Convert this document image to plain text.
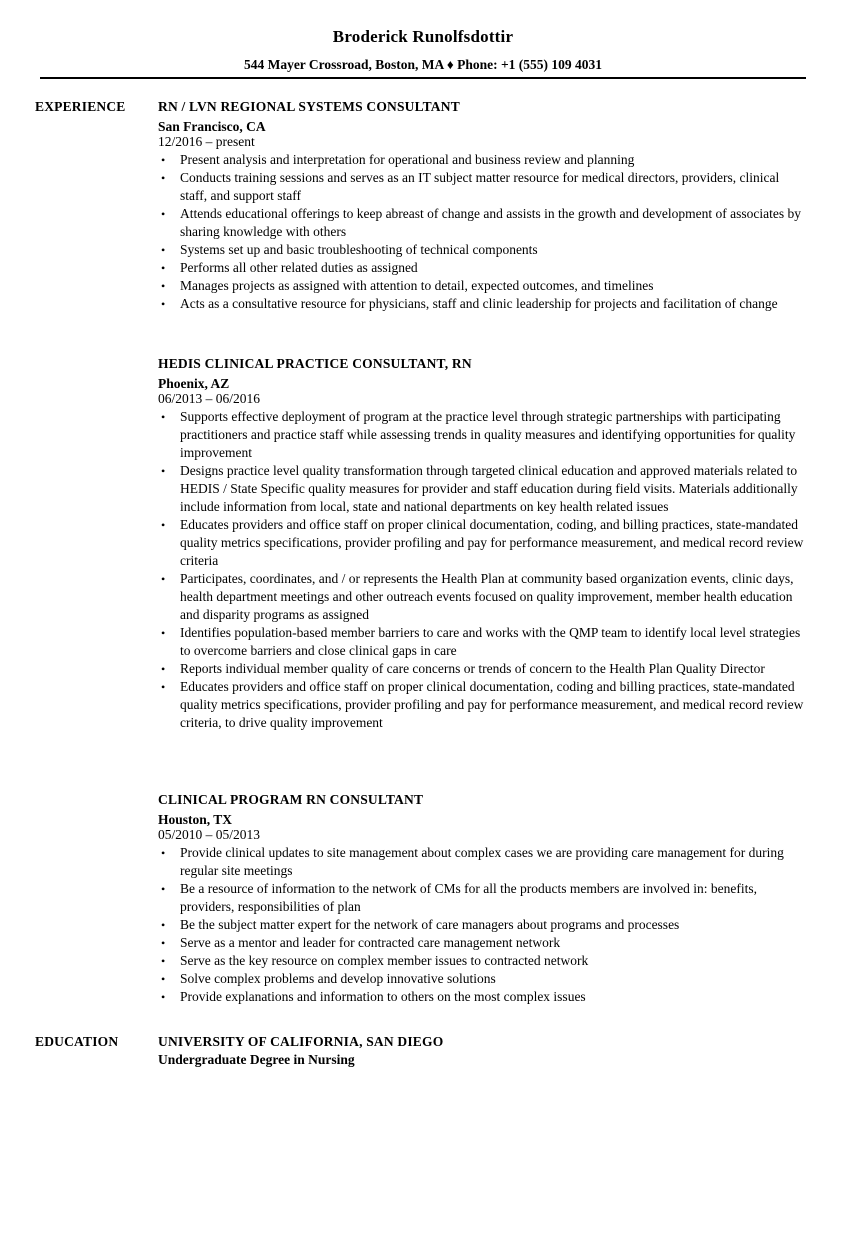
Broderick Runolfsdottir
544 Mayer Crossroad, Boston, MA ♦ Phone: +1 (555) 109 4031
EXPERIENCE RN / LVN REGIONAL SYSTEMS CONSULTANT
San Francisco, CA
12/2016 – present
• Present analysis and interpretation for operational and business review and planning
• Conducts training sessions and serves as an IT subject matter resource for medical directors, providers, clinical staff, and support staff
• Attends educational offerings to keep abreast of change and assists in the growth and development of associates by sharing knowledge with others
• Systems set up and basic troubleshooting of technical components
• Performs all other related duties as assigned
• Manages projects as assigned with attention to detail, expected outcomes, and timelines
• Acts as a consultative resource for physicians, staff and clinic leadership for projects and facilitation of change
HEDIS CLINICAL PRACTICE CONSULTANT, RN
Phoenix, AZ
06/2013 – 06/2016
• Supports effective deployment of program at the practice level through strategic partnerships with participating practitioners and practice staff while assessing trends in quality measures and identifying opportunities for quality improvement
• Designs practice level quality transformation through targeted clinical education and approved materials related to HEDIS / State Specific quality measures for provider and staff education during field visits. Materials additionally include information from local, state and national departments on key health related issues
• Educates providers and office staff on proper clinical documentation, coding, and billing practices, state-mandated quality metrics specifications, provider profiling and pay for performance measurement, and medical record review criteria
• Participates, coordinates, and / or represents the Health Plan at community based organization events, clinic days, health department meetings and other outreach events focused on quality improvement, member health education and disparity programs as assigned
• Identifies population-based member barriers to care and works with the QMP team to identify local level strategies to overcome barriers and close clinical gaps in care
• Reports individual member quality of care concerns or trends of concern to the Health Plan Quality Director
• Educates providers and office staff on proper clinical documentation, coding and billing practices, state-mandated quality metrics specifications, provider profiling and pay for performance measurement, and medical record review criteria, to drive quality improvement
CLINICAL PROGRAM RN CONSULTANT
Houston, TX
05/2010 – 05/2013
• Provide clinical updates to site management about complex cases we are providing care management for during regular site meetings
• Be a resource of information to the network of CMs for all the products members are involved in: benefits, providers, responsibilities of plan
• Be the subject matter expert for the network of care managers about programs and processes
• Serve as a mentor and leader for contracted care management network
• Serve as the key resource on complex member issues to contracted network
• Solve complex problems and develop innovative solutions
• Provide explanations and information to others on the most complex issues
EDUCATION	UNIVERSITY OF CALIFORNIA, SAN DIEGO
Undergraduate Degree in Nursing
